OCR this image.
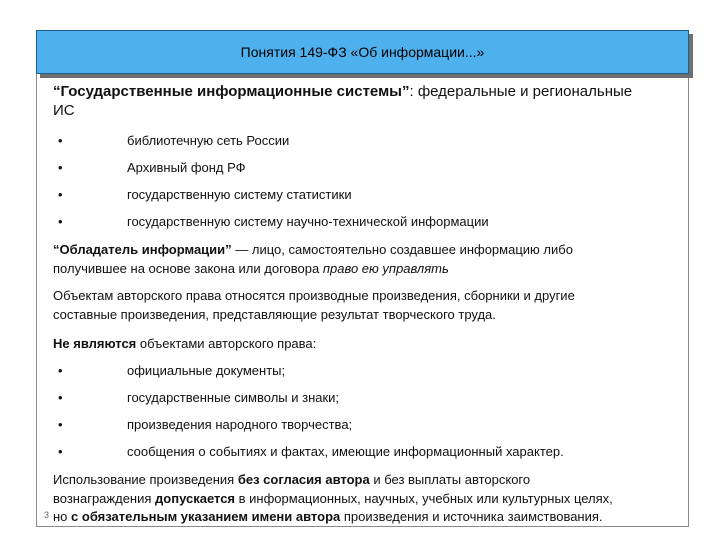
Понятия 149-ФЗ «Об информации...»
“Государственные информационные системы”: федеральные и региональные
ИС
•	библиотечную сеть России
•	Архивный фонд РФ
•	государственную систему статистики
•	государственную систему научно-технической информации
“Обладатель информации” — лицо, самостоятельно создавшее информацию либо
получившее на основе закона или договора право ею управлять
Объектам авторского права относятся производные произведения, сборники и другие
составные произведения, представляющие результат творческого труда.
Не являются объектами авторского права:
•	официальные документы;
•	государственные символы и знаки;
•	произведения народного творчества;
•	сообщения о событиях и фактах, имеющие информационный характер.
Использование произведения без согласия автора и без выплаты авторского
вознаграждения допускается в информационных, научных, учебных или культурных целях,
но с обязательным указанием имени автора произведения и источника заимствования.
3
